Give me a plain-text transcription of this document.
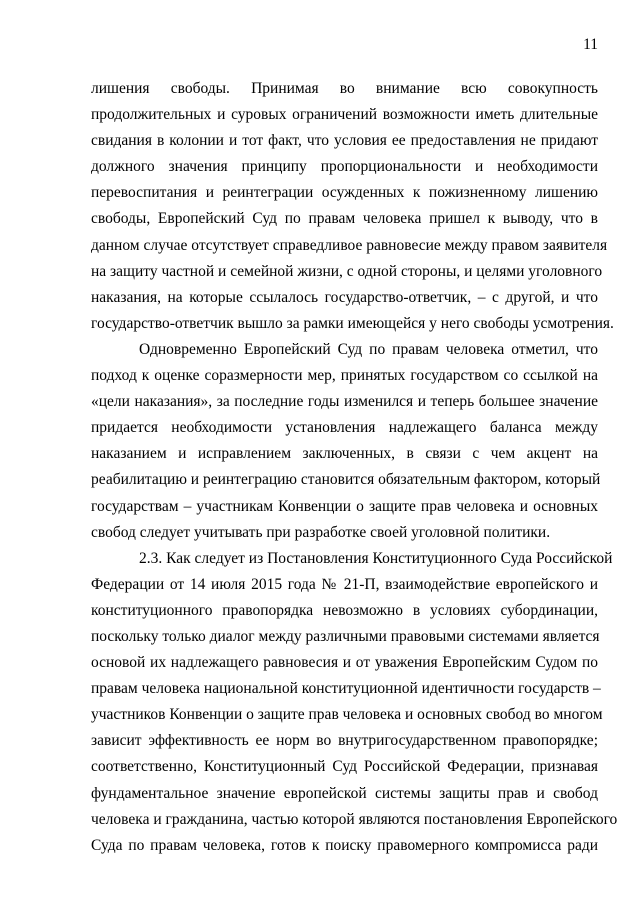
11
лишения свободы. Принимая во внимание всю совокупность
продолжительных и суровых ограничений возможности иметь длительные
свидания в колонии и тот факт, что условия ее предоставления не придают
должного значения принципу пропорциональности и необходимости
перевоспитания и реинтеграции осужденных к пожизненному лишению
свободы, Европейский Суд по правам человека пришел к выводу, что в
данном случае отсутствует справедливое равновесие между правом заявителя
на защиту частной и семейной жизни, с одной стороны, и целями уголовного
наказания, на которые ссылалось государство-ответчик, – с другой, и что
государство-ответчик вышло за рамки имеющейся у него свободы усмотрения.
Одновременно Европейский Суд по правам человека отметил, что
подход к оценке соразмерности мер, принятых государством со ссылкой на
«цели наказания», за последние годы изменился и теперь большее значение
придается необходимости установления надлежащего баланса между
наказанием и исправлением заключенных, в связи с чем акцент на
реабилитацию и реинтеграцию становится обязательным фактором, который
государствам – участникам Конвенции о защите прав человека и основных
свобод следует учитывать при разработке своей уголовной политики.
2.3. Как следует из Постановления Конституционного Суда Российской
Федерации от 14 июля 2015 года № 21-П, взаимодействие европейского и
конституционного правопорядка невозможно в условиях субординации,
поскольку только диалог между различными правовыми системами является
основой их надлежащего равновесия и от уважения Европейским Судом по
правам человека национальной конституционной идентичности государств –
участников Конвенции о защите прав человека и основных свобод во многом
зависит эффективность ее норм во внутригосударственном правопорядке;
соответственно, Конституционный Суд Российской Федерации, признавая
фундаментальное значение европейской системы защиты прав и свобод
человека и гражданина, частью которой являются постановления Европейского
Суда по правам человека, готов к поиску правомерного компромисса ради
